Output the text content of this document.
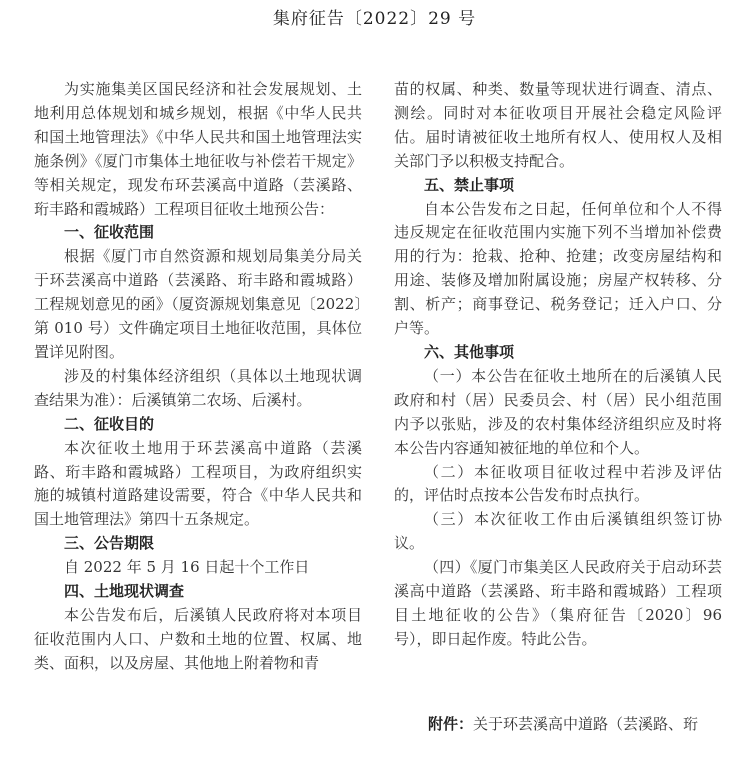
集府征告〔2022〕29 号

为实施集美区国民经济和社会发展规划、土地利用总体规划和城乡规划，根据《中华人民共和国土地管理法》《中华人民共和国土地管理法实施条例》《厦门市集体土地征收与补偿若干规定》等相关规定，现发布环芸溪高中道路（芸溪路、珩丰路和霞城路）工程项目征收土地预公告：

一、征收范围

根据《厦门市自然资源和规划局集美分局关于环芸溪高中道路（芸溪路、珩丰路和霞城路）工程规划意见的函》（厦资源规划集意见〔2022〕第 010 号）文件确定项目土地征收范围，具体位置详见附图。

涉及的村集体经济组织（具体以土地现状调查结果为准）：后溪镇第二农场、后溪村。

二、征收目的

本次征收土地用于环芸溪高中道路（芸溪路、珩丰路和霞城路）工程项目，为政府组织实施的城镇村道路建设需要，符合《中华人民共和国土地管理法》第四十五条规定。

三、公告期限

自 2022 年 5 月 16 日起十个工作日

四、土地现状调查

本公告发布后，后溪镇人民政府将对本项目征收范围内人口、户数和土地的位置、权属、地类、面积，以及房屋、其他地上附着物和青

苗的权属、种类、数量等现状进行调查、清点、测绘。同时对本征收项目开展社会稳定风险评估。届时请被征收土地所有权人、使用权人及相关部门予以积极支持配合。

五、禁止事项

自本公告发布之日起，任何单位和个人不得违反规定在征收范围内实施下列不当增加补偿费用的行为：抢栽、抢种、抢建；改变房屋结构和用途、装修及增加附属设施；房屋产权转移、分割、析产；商事登记、税务登记；迁入户口、分户等。

六、其他事项

（一）本公告在征收土地所在的后溪镇人民政府和村（居）民委员会、村（居）民小组范围内予以张贴，涉及的农村集体经济组织应及时将本公告内容通知被征地的单位和个人。

（二）本征收项目征收过程中若涉及评估的，评估时点按本公告发布时点执行。

（三）本次征收工作由后溪镇组织签订协议。

（四）《厦门市集美区人民政府关于启动环芸溪高中道路（芸溪路、珩丰路和霞城路）工程项目土地征收的公告》（集府征告〔2020〕96 号），即日起作废。特此公告。

附件：关于环芸溪高中道路（芸溪路、珩
